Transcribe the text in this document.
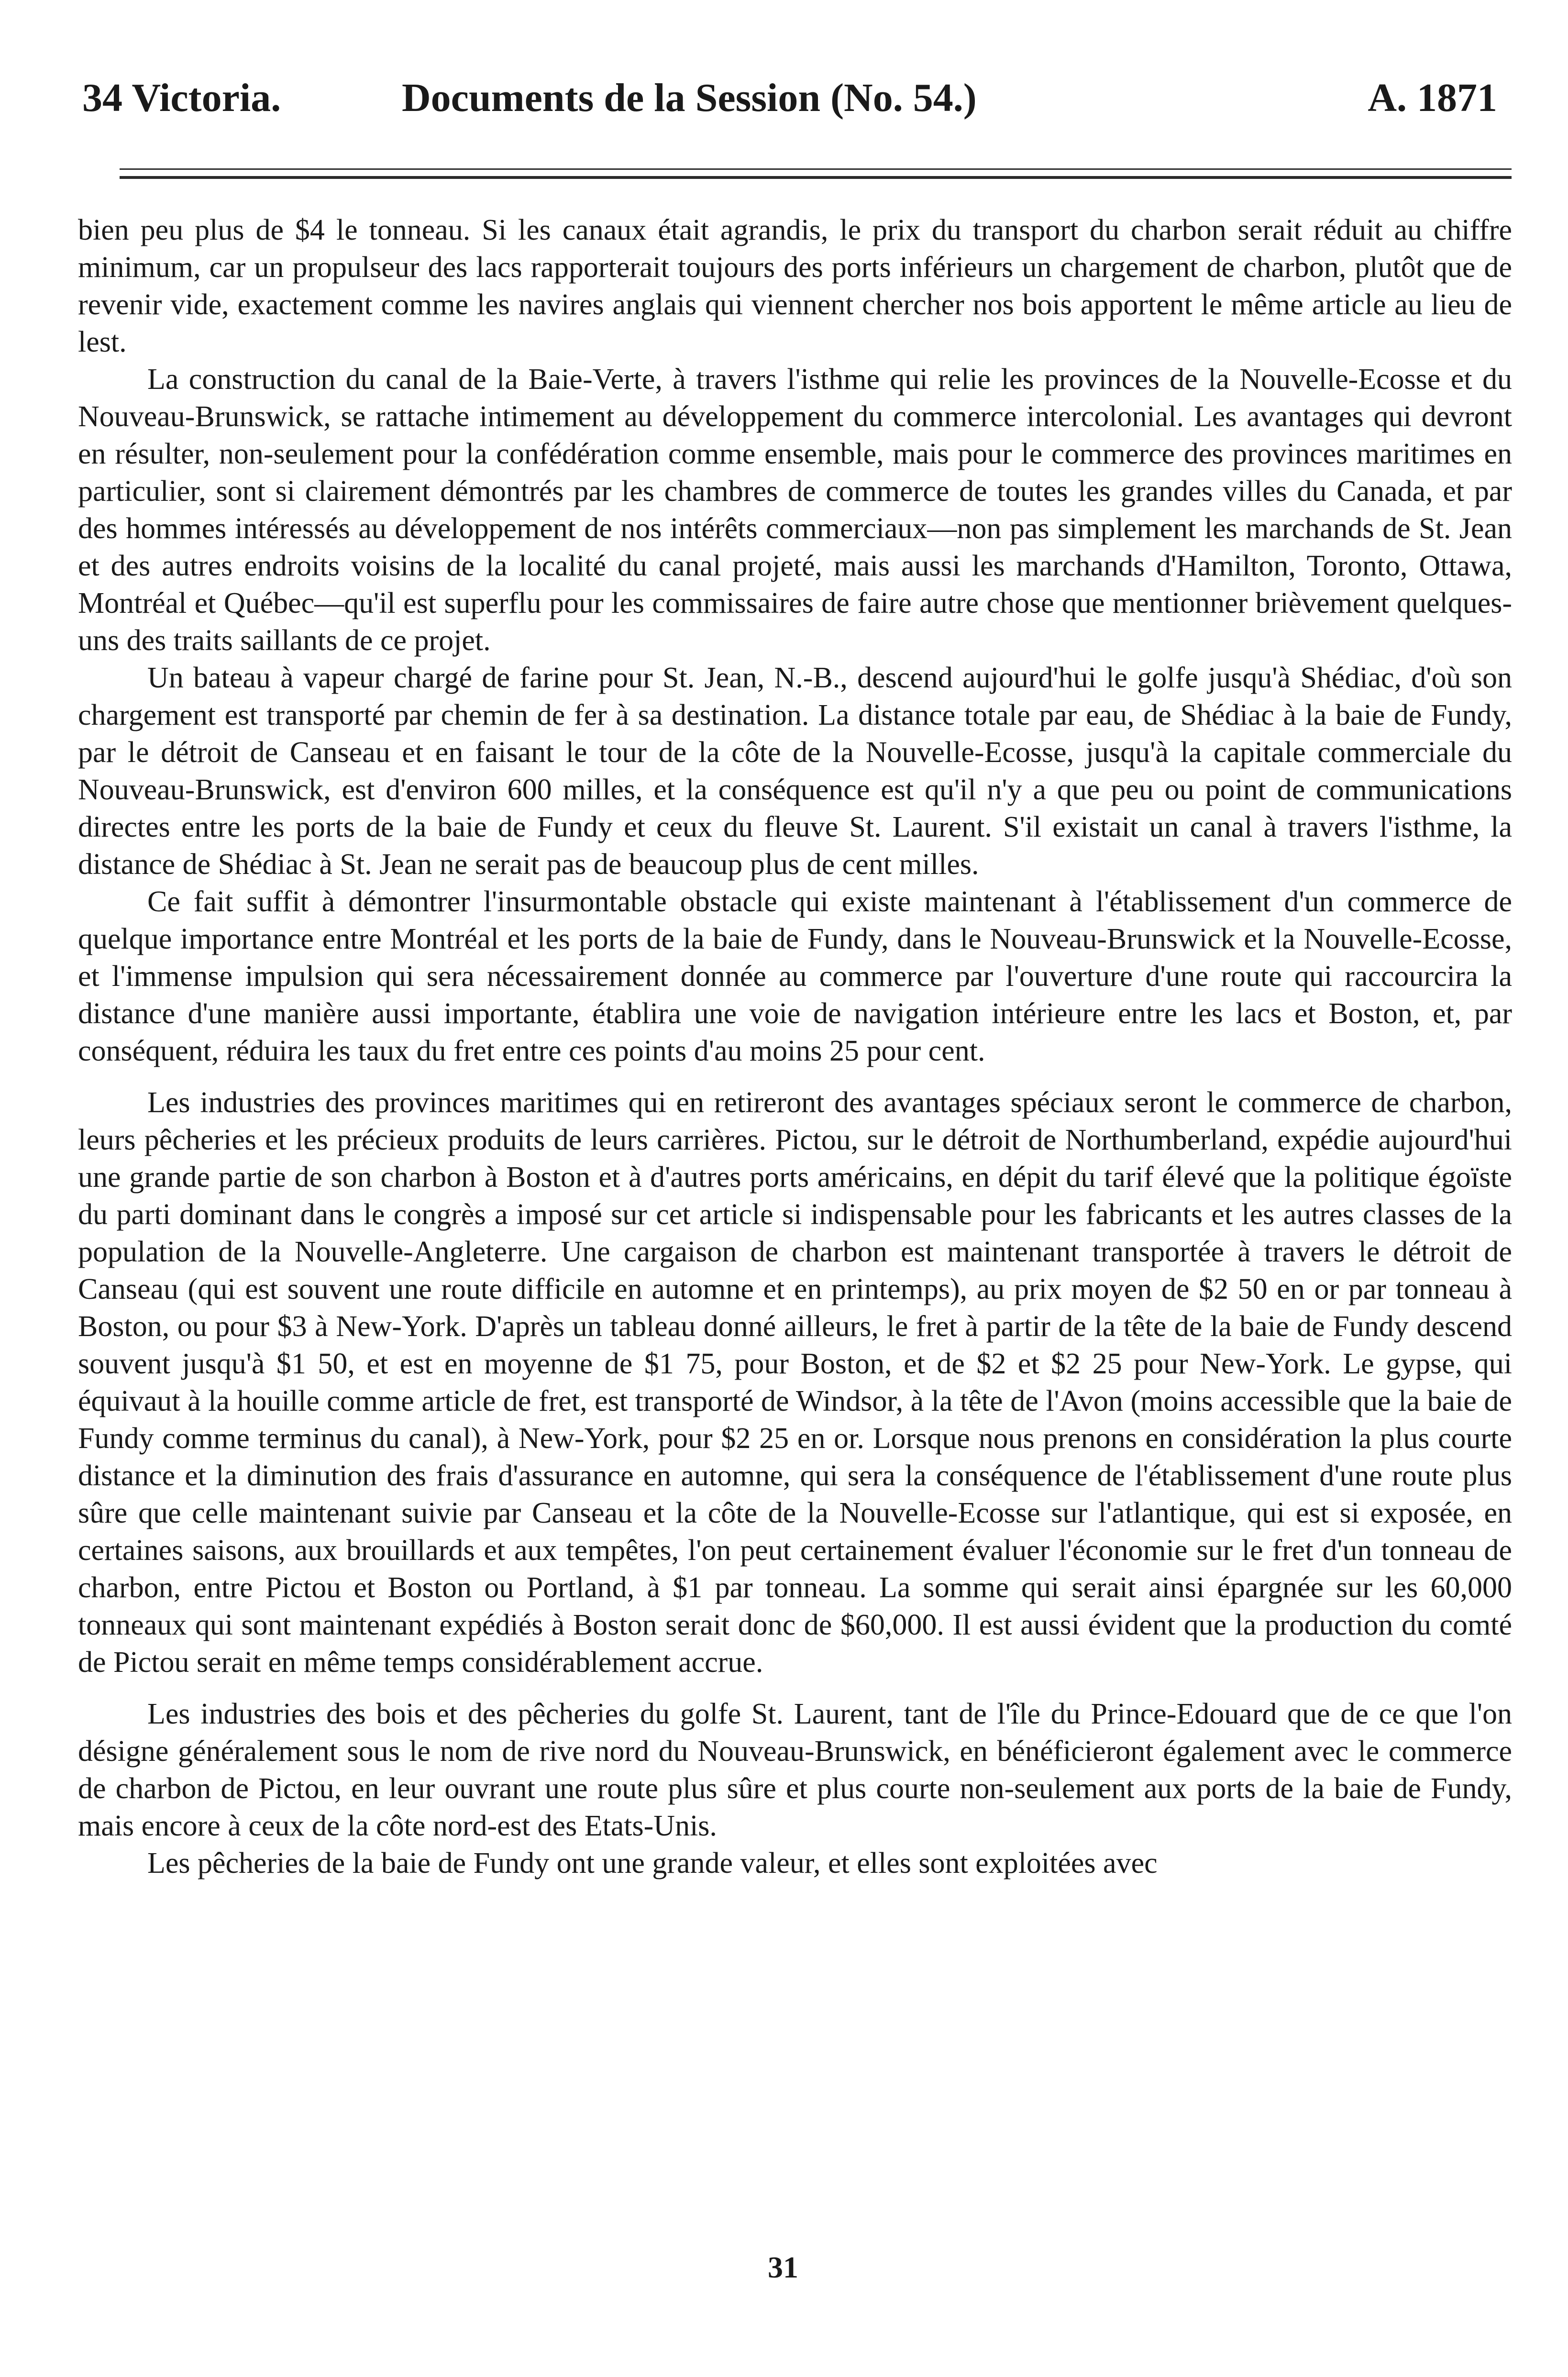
34 Victoria.	Documents de la Session (No. 54.)	A. 1871

bien peu plus de $4 le tonneau. Si les canaux était agrandis, le prix du transport du charbon serait réduit au chiffre minimum, car un propulseur des lacs rapporterait toujours des ports inférieurs un chargement de charbon, plutôt que de revenir vide, exactement comme les navires anglais qui viennent chercher nos bois apportent le même article au lieu de lest.

La construction du canal de la Baie-Verte, à travers l'isthme qui relie les provinces de la Nouvelle-Ecosse et du Nouveau-Brunswick, se rattache intimement au développement du commerce intercolonial. Les avantages qui devront en résulter, non-seulement pour la confédération comme ensemble, mais pour le commerce des provinces maritimes en particulier, sont si clairement démontrés par les chambres de commerce de toutes les grandes villes du Canada, et par des hommes intéressés au développement de nos intérêts commerciaux—non pas simplement les marchands de St. Jean et des autres endroits voisins de la localité du canal projeté, mais aussi les marchands d'Hamilton, Toronto, Ottawa, Montréal et Québec—qu'il est superflu pour les commissaires de faire autre chose que mentionner brièvement quelques-uns des traits saillants de ce projet.

Un bateau à vapeur chargé de farine pour St. Jean, N.-B., descend aujourd'hui le golfe jusqu'à Shédiac, d'où son chargement est transporté par chemin de fer à sa destination. La distance totale par eau, de Shédiac à la baie de Fundy, par le détroit de Canseau et en faisant le tour de la côte de la Nouvelle-Ecosse, jusqu'à la capitale commerciale du Nouveau-Brunswick, est d'environ 600 milles, et la conséquence est qu'il n'y a que peu ou point de communications directes entre les ports de la baie de Fundy et ceux du fleuve St. Laurent. S'il existait un canal à travers l'isthme, la distance de Shédiac à St. Jean ne serait pas de beaucoup plus de cent milles.

Ce fait suffit à démontrer l'insurmontable obstacle qui existe maintenant à l'établissement d'un commerce de quelque importance entre Montréal et les ports de la baie de Fundy, dans le Nouveau-Brunswick et la Nouvelle-Ecosse, et l'immense impulsion qui sera nécessairement donnée au commerce par l'ouverture d'une route qui raccourcira la distance d'une manière aussi importante, établira une voie de navigation intérieure entre les lacs et Boston, et, par conséquent, réduira les taux du fret entre ces points d'au moins 25 pour cent.

Les industries des provinces maritimes qui en retireront des avantages spéciaux seront le commerce de charbon, leurs pêcheries et les précieux produits de leurs carrières. Pictou, sur le détroit de Northumberland, expédie aujourd'hui une grande partie de son charbon à Boston et à d'autres ports américains, en dépit du tarif élevé que la politique égoïste du parti dominant dans le congrès a imposé sur cet article si indispensable pour les fabricants et les autres classes de la population de la Nouvelle-Angleterre. Une cargaison de charbon est maintenant transportée à travers le détroit de Canseau (qui est souvent une route difficile en automne et en printemps), au prix moyen de $2 50 en or par tonneau à Boston, ou pour $3 à New-York. D'après un tableau donné ailleurs, le fret à partir de la tête de la baie de Fundy descend souvent jusqu'à $1 50, et est en moyenne de $1 75, pour Boston, et de $2 et $2 25 pour New-York. Le gypse, qui équivaut à la houille comme article de fret, est transporté de Windsor, à la tête de l'Avon (moins accessible que la baie de Fundy comme terminus du canal), à New-York, pour $2 25 en or. Lorsque nous prenons en considération la plus courte distance et la diminution des frais d'assurance en automne, qui sera la conséquence de l'établissement d'une route plus sûre que celle maintenant suivie par Canseau et la côte de la Nouvelle-Ecosse sur l'atlantique, qui est si exposée, en certaines saisons, aux brouillards et aux tempêtes, l'on peut certainement évaluer l'économie sur le fret d'un tonneau de charbon, entre Pictou et Boston ou Portland, à $1 par tonneau. La somme qui serait ainsi épargnée sur les 60,000 tonneaux qui sont maintenant expédiés à Boston serait donc de $60,000. Il est aussi évident que la production du comté de Pictou serait en même temps considérablement accrue.

Les industries des bois et des pêcheries du golfe St. Laurent, tant de l'île du Prince-Edouard que de ce que l'on désigne généralement sous le nom de rive nord du Nouveau-Brunswick, en bénéficieront également avec le commerce de charbon de Pictou, en leur ouvrant une route plus sûre et plus courte non-seulement aux ports de la baie de Fundy, mais encore à ceux de la côte nord-est des Etats-Unis.

Les pêcheries de la baie de Fundy ont une grande valeur, et elles sont exploitées avec

31
